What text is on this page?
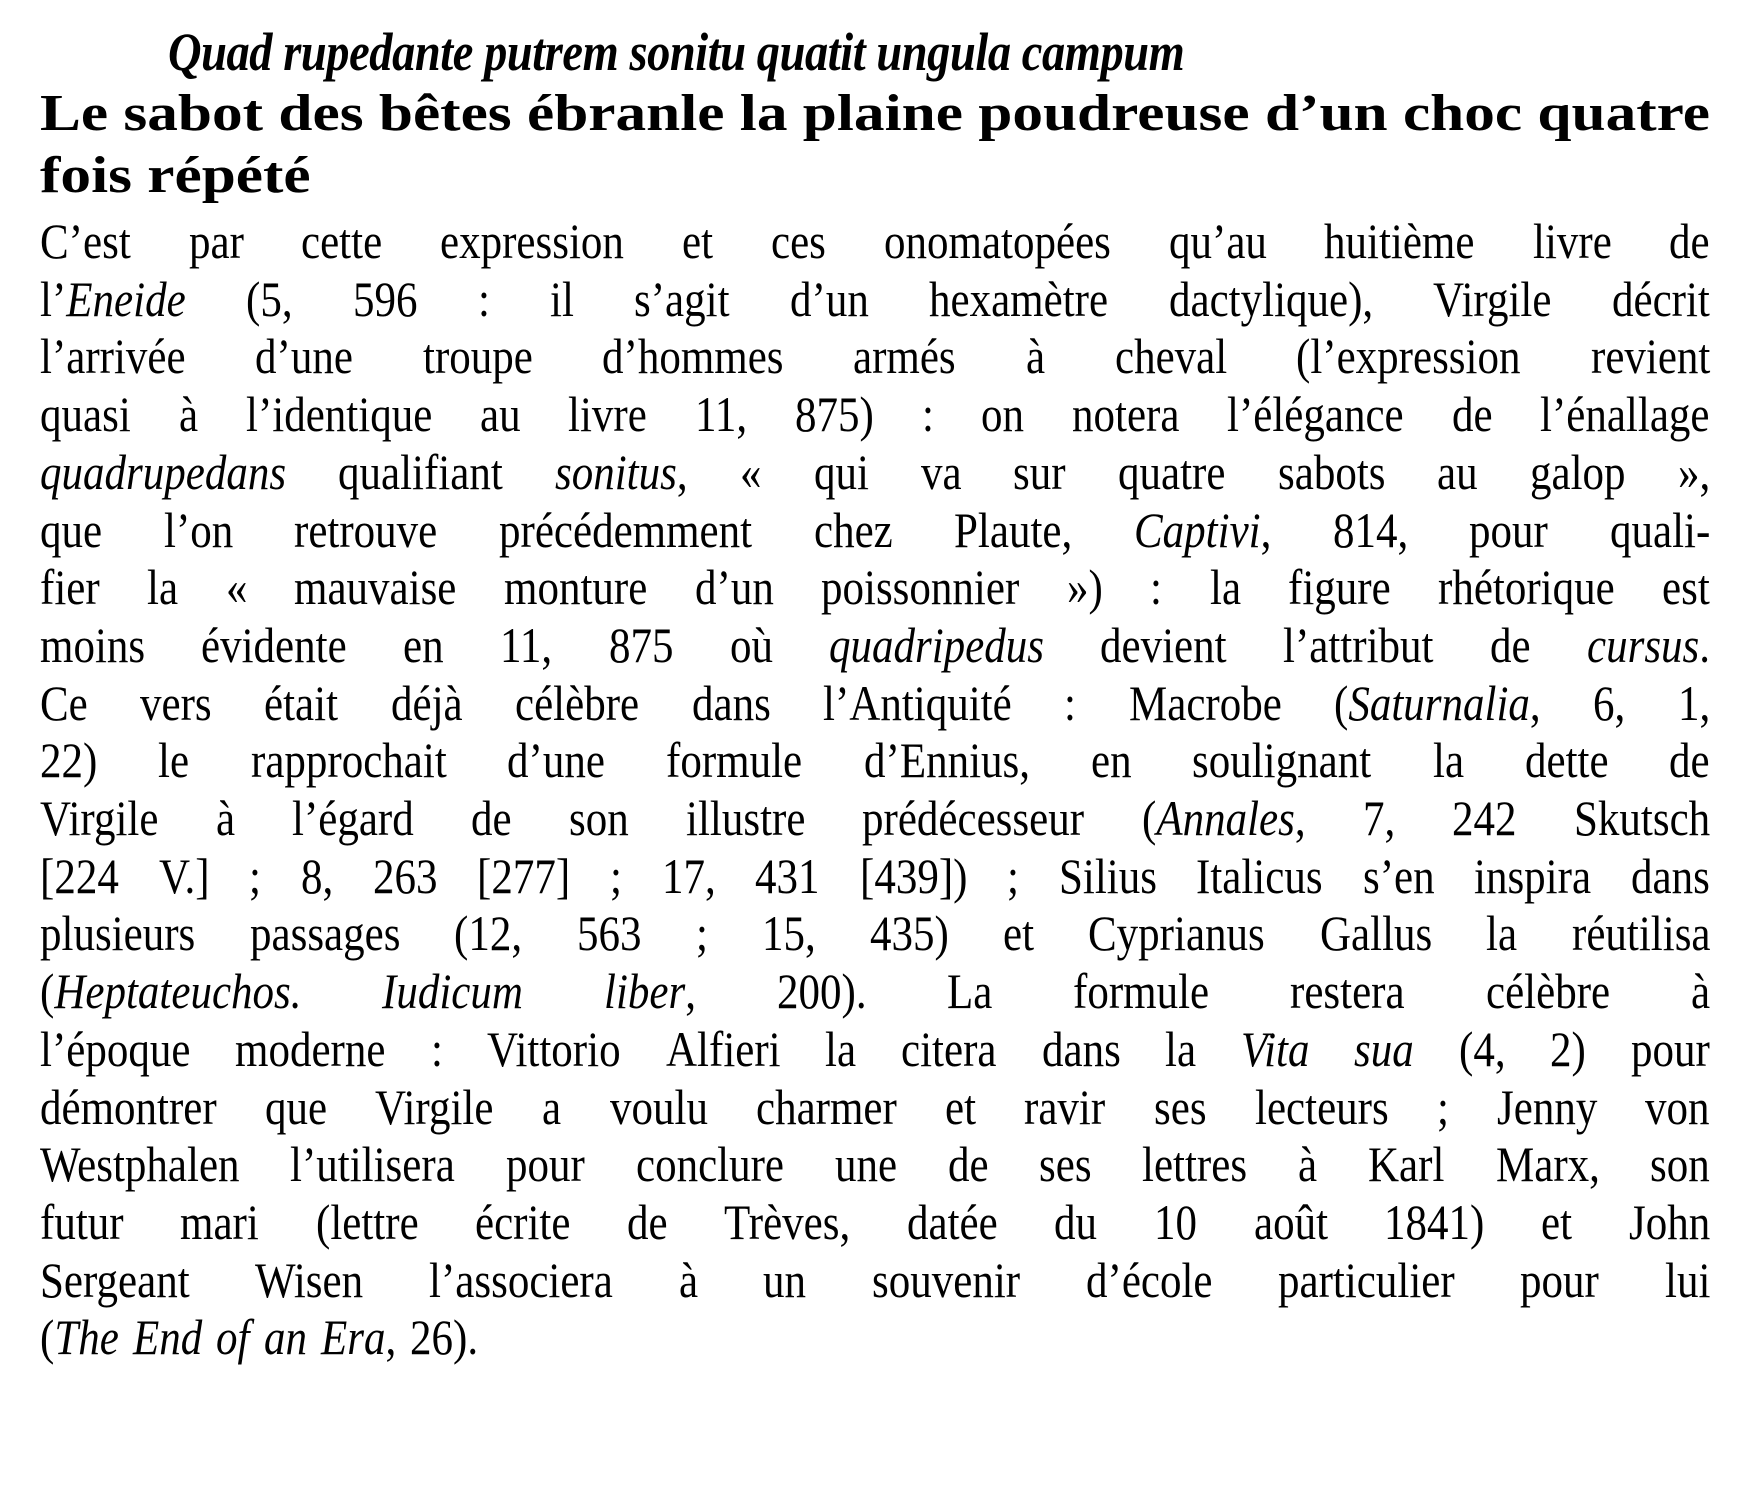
Quad rupedante putrem sonitu quatit ungula campum
Le sabot des bêtes ébranle la plaine poudreuse d’un choc quatre
fois répété
C’est par cette expression et ces onomatopées qu’au huitième livre de
l’Eneide (5, 596 : il s’agit d’un hexamètre dactylique), Virgile décrit
l’arrivée d’une troupe d’hommes armés à cheval (l’expression revient
quasi à l’identique au livre 11, 875) : on notera l’élégance de l’énallage
quadrupedans qualifiant sonitus, « qui va sur quatre sabots au galop »,
que l’on retrouve précédemment chez Plaute, Captivi, 814, pour quali-
fier la « mauvaise monture d’un poissonnier ») : la figure rhétorique est
moins évidente en 11, 875 où quadripedus devient l’attribut de cursus.
Ce vers était déjà célèbre dans l’Antiquité : Macrobe (Saturnalia, 6, 1,
22) le rapprochait d’une formule d’Ennius, en soulignant la dette de
Virgile à l’égard de son illustre prédécesseur (Annales, 7, 242 Skutsch
[224 V.] ; 8, 263 [277] ; 17, 431 [439]) ; Silius Italicus s’en inspira dans
plusieurs passages (12, 563 ; 15, 435) et Cyprianus Gallus la réutilisa
(Heptateuchos. Iudicum liber, 200). La formule restera célèbre à
l’époque moderne : Vittorio Alfieri la citera dans la Vita sua (4, 2) pour
démontrer que Virgile a voulu charmer et ravir ses lecteurs ; Jenny von
Westphalen l’utilisera pour conclure une de ses lettres à Karl Marx, son
futur mari (lettre écrite de Trèves, datée du 10 août 1841) et John
Sergeant Wisen l’associera à un souvenir d’école particulier pour lui
(The End of an Era, 26).
